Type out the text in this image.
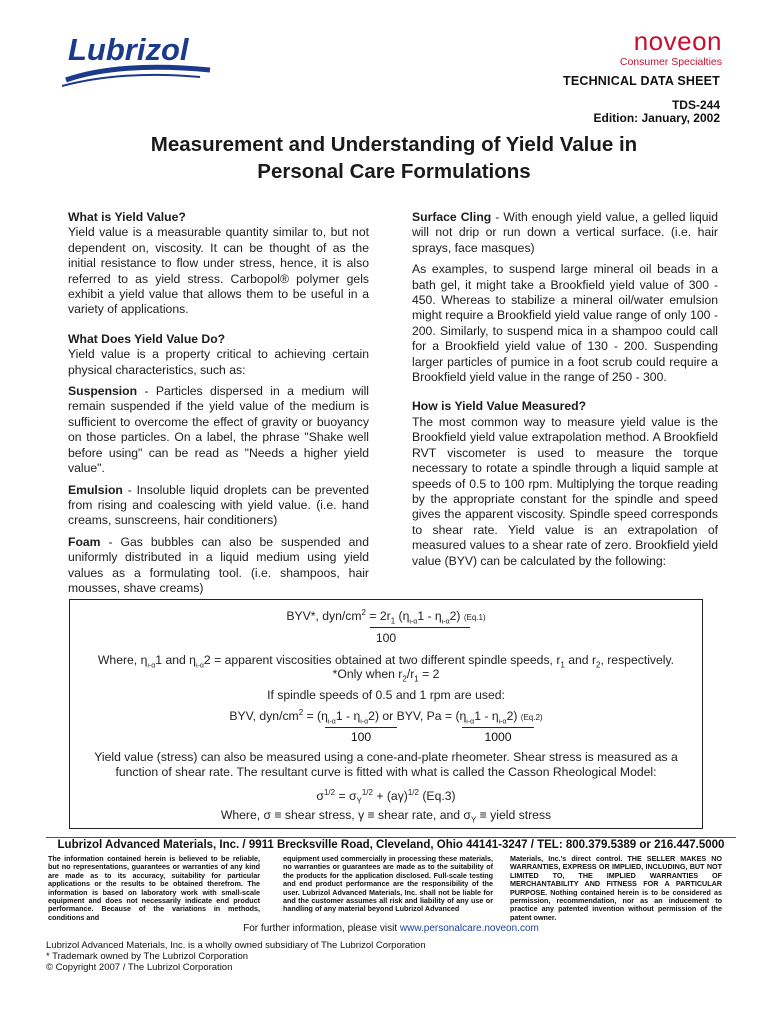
Lubrizol	noveon
Consumer Specialties
TECHNICAL DATA SHEET
TDS-244
Edition: January, 2002
Measurement and Understanding of Yield Value in
Personal Care Formulations
What is Yield Value?

Yield value is a measurable quantity similar to, but not dependent on, viscosity. It can be thought of as the initial resistance to flow under stress, hence, it is also referred to as yield stress. Carbopol® polymer gels exhibit a yield value that allows them to be useful in a variety of applications.

What Does Yield Value Do?

Yield value is a property critical to achieving certain physical characteristics, such as:

Suspension - Particles dispersed in a medium will remain suspended if the yield value of the medium is sufficient to overcome the effect of gravity or buoyancy on those particles. On a label, the phrase "Shake well before using" can be read as "Needs a higher yield value".

Emulsion - Insoluble liquid droplets can be prevented from rising and coalescing with yield value. (i.e. hand creams, sunscreens, hair conditioners)

Foam - Gas bubbles can also be suspended and uniformly distributed in a liquid medium using yield values as a formulating tool. (i.e. shampoos, hair mousses, shave creams)

Surface Cling - With enough yield value, a gelled liquid will not drip or run down a vertical surface. (i.e. hair sprays, face masques)

As examples, to suspend large mineral oil beads in a bath gel, it might take a Brookfield yield value of 300 - 450. Whereas to stabilize a mineral oil/water emulsion might require a Brookfield yield value range of only 100 - 200. Similarly, to suspend mica in a shampoo could call for a Brookfield yield value of 130 - 200. Suspending larger particles of pumice in a foot scrub could require a Brookfield yield value in the range of 250 - 300.

How is Yield Value Measured?

The most common way to measure yield value is the Brookfield yield value extrapolation method. A Brookfield RVT viscometer is used to measure the torque necessary to rotate a spindle through a liquid sample at speeds of 0.5 to 100 rpm. Multiplying the torque reading by the appropriate constant for the spindle and speed gives the apparent viscosity. Spindle speed corresponds to shear rate. Yield value is an extrapolation of measured values to a shear rate of zero. Brookfield yield value (BYV) can be calculated by the following:

BYV*, dyn/$cm^2 = 2r_1$ $(\eta_{\iota-\alpha}1 - \eta_{\iota-\alpha}2)$ (Eq.1)
100
Where, $\eta_{\iota-\alpha}1$ and $\eta_{\iota-\alpha}2$ = apparent viscosities obtained at two different spindle speeds, $r_1$ and $r_2$, respectively.
*Only when $r_2/r_1 = 2$
If spindle speeds of 0.5 and 1 rpm are used:
BYV, dyn/$cm^2 = (\eta_{\iota-\alpha}1 - \eta_{\iota-\alpha}2)$ or BYV, $Pa = (\eta_{\iota-\alpha}1 - \eta_{\iota-\alpha}2)$ (Eq.2)
100	1000
Yield value (stress) can also be measured using a cone-and-plate rheometer. Shear stress is measured as a function of shear rate. The resultant curve is fitted with what is called the Casson Rheological Model:
$\sigma^{1/2} = \sigma_Y^{1/2} + (a\gamma)^{1/2}$ (Eq.3)
Where, σ ≡ shear stress, γ ≡ shear rate, and $\sigma_Y$ ≡ yield stress
Lubrizol Advanced Materials, Inc. / 9911 Brecksville Road, Cleveland, Ohio 44141-3247 / TEL: 800.379.5389 or 216.447.5000
The information contained herein is believed to be reliable, but no representations, guarantees or warranties of any kind are made as to its accuracy, suitability for particular applications or the results to be obtained therefrom. The information is based on laboratory work with small-scale equipment and does not necessarily indicate end product performance. Because of the variations in methods, conditions and
equipment used commercially in processing these materials, no warranties or guarantees are made as to the suitability of the products for the application disclosed. Full-scale testing and end product performance are the responsibility of the user. Lubrizol Advanced Materials, Inc. shall not be liable for and the customer assumes all risk and liability of any use or handling of any material beyond Lubrizol Advanced
Materials, Inc.'s direct control. THE SELLER MAKES NO WARRANTIES, EXPRESS OR IMPLIED, INCLUDING, BUT NOT LIMITED TO, THE IMPLIED WARRANTIES OF MERCHANTABILITY AND FITNESS FOR A PARTICULAR PURPOSE. Nothing contained herein is to be considered as permission, recommendation, nor as an inducement to practice any patented invention without permission of the patent owner.
For further information, please visit www.personalcare.noveon.com
Lubrizol Advanced Materials, Inc. is a wholly owned subsidiary of The Lubrizol Corporation
* Trademark owned by The Lubrizol Corporation
© Copyright 2007 / The Lubrizol Corporation
